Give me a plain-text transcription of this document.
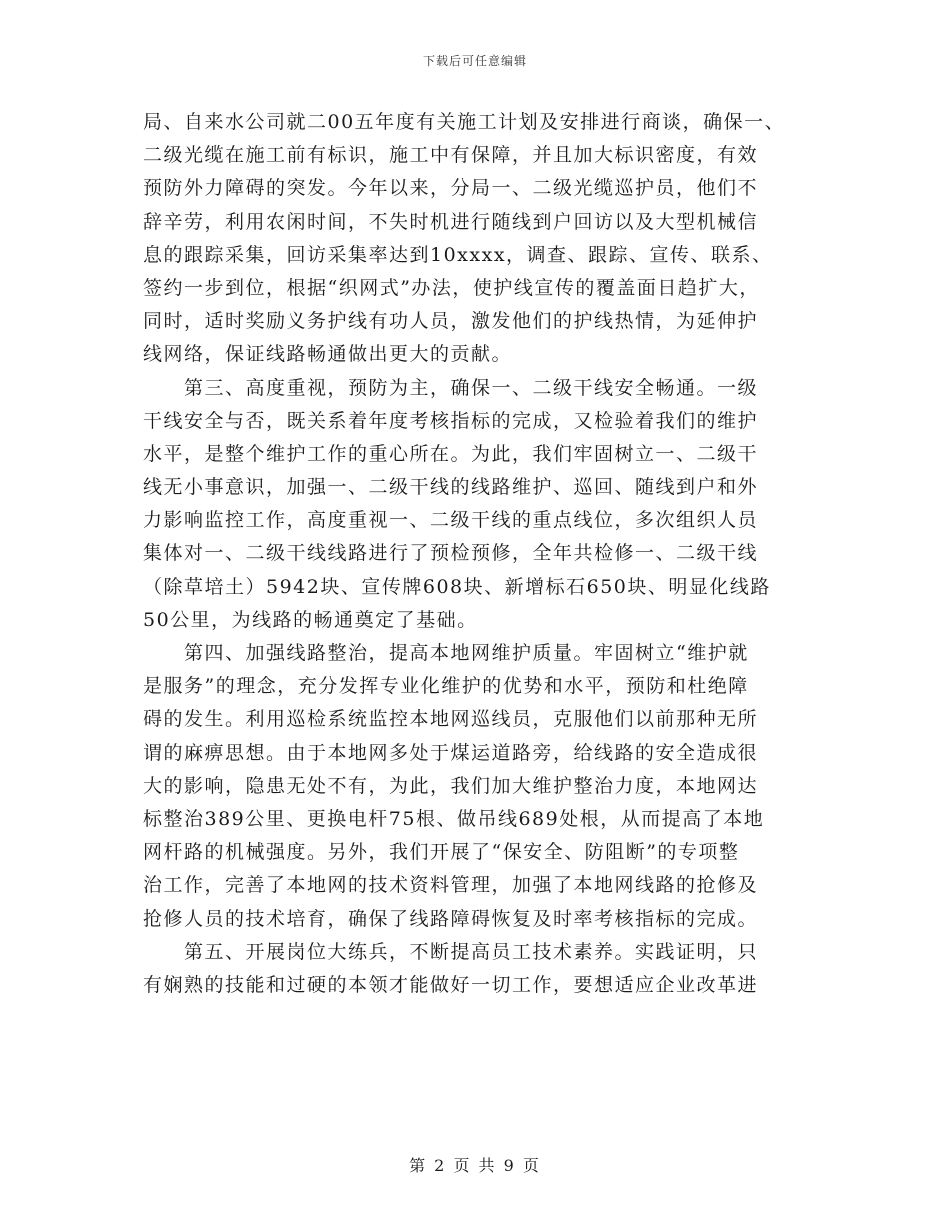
下载后可任意编辑
局、自来水公司就二00五年度有关施工计划及安排进行商谈，确保一、
二级光缆在施工前有标识，施工中有保障，并且加大标识密度，有效
预防外力障碍的突发。今年以来，分局一、二级光缆巡护员，他们不
辞辛劳，利用农闲时间，不失时机进行随线到户回访以及大型机械信
息的跟踪采集，回访采集率达到10xxxx，调查、跟踪、宣传、联系、
签约一步到位，根据“织网式”办法，使护线宣传的覆盖面日趋扩大，
同时，适时奖励义务护线有功人员，激发他们的护线热情，为延伸护
线网络，保证线路畅通做出更大的贡献。
　　第三、高度重视，预防为主，确保一、二级干线安全畅通。一级
干线安全与否，既关系着年度考核指标的完成，又检验着我们的维护
水平，是整个维护工作的重心所在。为此，我们牢固树立一、二级干
线无小事意识，加强一、二级干线的线路维护、巡回、随线到户和外
力影响监控工作，高度重视一、二级干线的重点线位，多次组织人员
集体对一、二级干线线路进行了预检预修，全年共检修一、二级干线
（除草培土）5942块、宣传牌608块、新增标石650块、明显化线路
50公里，为线路的畅通奠定了基础。
　　第四、加强线路整治，提高本地网维护质量。牢固树立“维护就
是服务”的理念，充分发挥专业化维护的优势和水平，预防和杜绝障
碍的发生。利用巡检系统监控本地网巡线员，克服他们以前那种无所
谓的麻痹思想。由于本地网多处于煤运道路旁，给线路的安全造成很
大的影响，隐患无处不有，为此，我们加大维护整治力度，本地网达
标整治389公里、更换电杆75根、做吊线689处根，从而提高了本地
网杆路的机械强度。另外，我们开展了“保安全、防阻断”的专项整
治工作，完善了本地网的技术资料管理，加强了本地网线路的抢修及
抢修人员的技术培育，确保了线路障碍恢复及时率考核指标的完成。
　　第五、开展岗位大练兵，不断提高员工技术素养。实践证明，只
有娴熟的技能和过硬的本领才能做好一切工作，要想适应企业改革进
第 2 页 共 9 页
